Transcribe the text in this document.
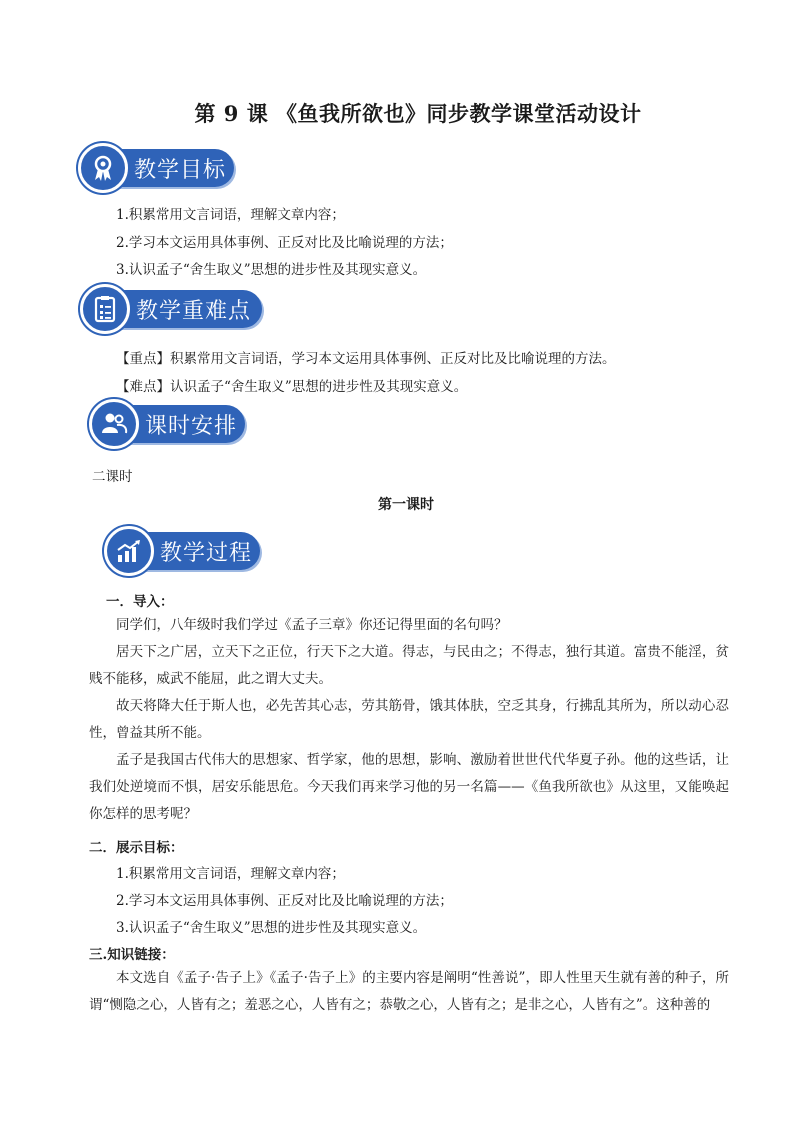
第 9 课 《鱼我所欲也》同步教学课堂活动设计
教学目标
1.积累常用文言词语，理解文章内容；
2.学习本文运用具体事例、正反对比及比喻说理的方法；
3.认识孟子“舍生取义”思想的进步性及其现实意义。
教学重难点
【重点】积累常用文言词语，学习本文运用具体事例、正反对比及比喻说理的方法。
【难点】认识孟子“舍生取义”思想的进步性及其现实意义。
课时安排
二课时
第一课时
教学过程
一．导入：
同学们，八年级时我们学过《孟子三章》你还记得里面的名句吗？
居天下之广居，立天下之正位，行天下之大道。得志，与民由之；不得志，独行其道。富贵不能淫，贫贱不能移，威武不能屈，此之谓大丈夫。
故天将降大任于斯人也，必先苦其心志，劳其筋骨，饿其体肤，空乏其身，行拂乱其所为，所以动心忍性，曾益其所不能。
孟子是我国古代伟大的思想家、哲学家，他的思想，影响、激励着世世代代华夏子孙。他的这些话，让我们处逆境而不惧，居安乐能思危。今天我们再来学习他的另一名篇——《鱼我所欲也》从这里，又能唤起你怎样的思考呢？
二．展示目标：
1.积累常用文言词语，理解文章内容；
2.学习本文运用具体事例、正反对比及比喻说理的方法；
3.认识孟子“舍生取义”思想的进步性及其现实意义。
三.知识链接：
本文选自《孟子·告子上》《孟子·告子上》的主要内容是阐明“性善说”，即人性里天生就有善的种子，所谓“恻隐之心，人皆有之；羞恶之心，人皆有之；恭敬之心，人皆有之；是非之心，人皆有之”。这种善的
